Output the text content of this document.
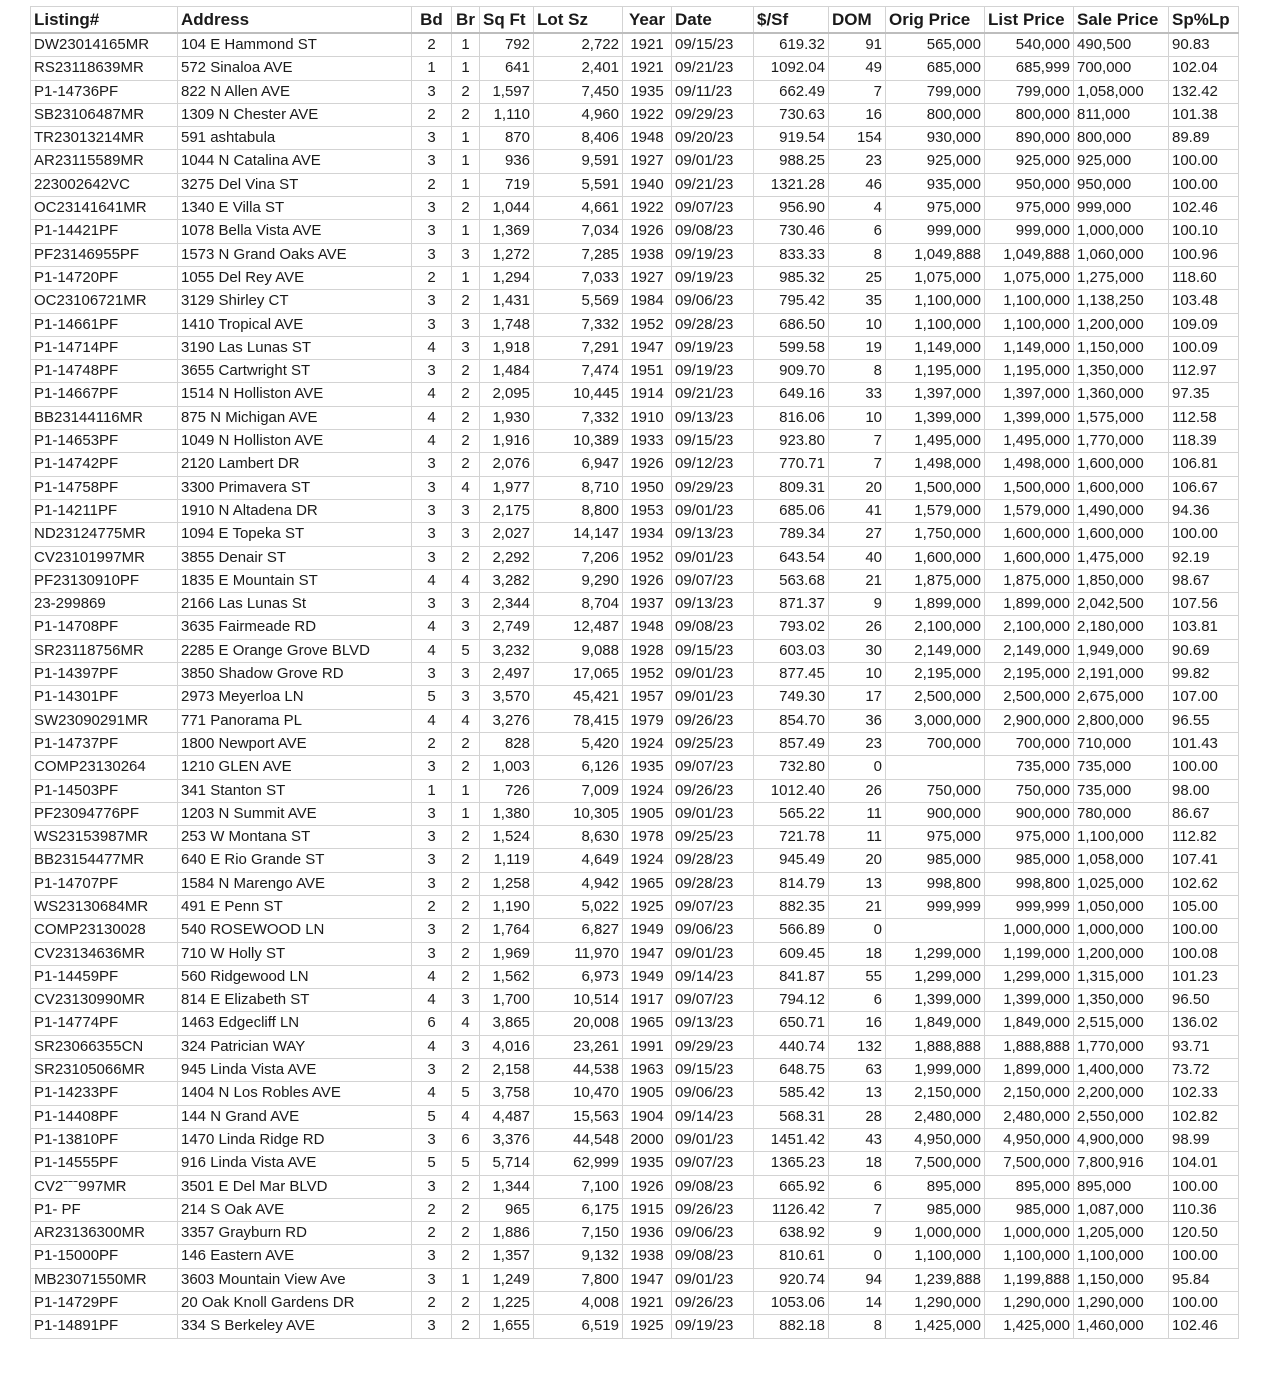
Listing#	Address	Bd	Br	Sq Ft	Lot Sz	Year	Date	$/Sf	DOM	Orig Price	List Price	Sale Price	Sp%Lp
DW23014165MR	104 E Hammond ST	2	1	792	2,722	1921	09/15/23	619.32	91	565,000	540,000	490,500	90.83
RS23118639MR	572 Sinaloa AVE	1	1	641	2,401	1921	09/21/23	1092.04	49	685,000	685,999	700,000	102.04
P1-14736PF	822 N Allen AVE	3	2	1,597	7,450	1935	09/11/23	662.49	7	799,000	799,000	1,058,000	132.42
SB23106487MR	1309 N Chester AVE	2	2	1,110	4,960	1922	09/29/23	730.63	16	800,000	800,000	811,000	101.38
TR23013214MR	591 ashtabula	3	1	870	8,406	1948	09/20/23	919.54	154	930,000	890,000	800,000	89.89
AR23115589MR	1044 N Catalina AVE	3	1	936	9,591	1927	09/01/23	988.25	23	925,000	925,000	925,000	100.00
223002642VC	3275 Del Vina ST	2	1	719	5,591	1940	09/21/23	1321.28	46	935,000	950,000	950,000	100.00
OC23141641MR	1340 E Villa ST	3	2	1,044	4,661	1922	09/07/23	956.90	4	975,000	975,000	999,000	102.46
P1-14421PF	1078 Bella Vista AVE	3	1	1,369	7,034	1926	09/08/23	730.46	6	999,000	999,000	1,000,000	100.10
PF23146955PF	1573 N Grand Oaks AVE	3	3	1,272	7,285	1938	09/19/23	833.33	8	1,049,888	1,049,888	1,060,000	100.96
P1-14720PF	1055 Del Rey AVE	2	1	1,294	7,033	1927	09/19/23	985.32	25	1,075,000	1,075,000	1,275,000	118.60
OC23106721MR	3129 Shirley CT	3	2	1,431	5,569	1984	09/06/23	795.42	35	1,100,000	1,100,000	1,138,250	103.48
P1-14661PF	1410 Tropical AVE	3	3	1,748	7,332	1952	09/28/23	686.50	10	1,100,000	1,100,000	1,200,000	109.09
P1-14714PF	3190 Las Lunas ST	4	3	1,918	7,291	1947	09/19/23	599.58	19	1,149,000	1,149,000	1,150,000	100.09
P1-14748PF	3655 Cartwright ST	3	2	1,484	7,474	1951	09/19/23	909.70	8	1,195,000	1,195,000	1,350,000	112.97
P1-14667PF	1514 N Holliston AVE	4	2	2,095	10,445	1914	09/21/23	649.16	33	1,397,000	1,397,000	1,360,000	97.35
BB23144116MR	875 N Michigan AVE	4	2	1,930	7,332	1910	09/13/23	816.06	10	1,399,000	1,399,000	1,575,000	112.58
P1-14653PF	1049 N Holliston AVE	4	2	1,916	10,389	1933	09/15/23	923.80	7	1,495,000	1,495,000	1,770,000	118.39
P1-14742PF	2120 Lambert DR	3	2	2,076	6,947	1926	09/12/23	770.71	7	1,498,000	1,498,000	1,600,000	106.81
P1-14758PF	3300 Primavera ST	3	4	1,977	8,710	1950	09/29/23	809.31	20	1,500,000	1,500,000	1,600,000	106.67
P1-14211PF	1910 N Altadena DR	3	3	2,175	8,800	1953	09/01/23	685.06	41	1,579,000	1,579,000	1,490,000	94.36
ND23124775MR	1094 E Topeka ST	3	3	2,027	14,147	1934	09/13/23	789.34	27	1,750,000	1,600,000	1,600,000	100.00
CV23101997MR	3855 Denair ST	3	2	2,292	7,206	1952	09/01/23	643.54	40	1,600,000	1,600,000	1,475,000	92.19
PF23130910PF	1835 E Mountain ST	4	4	3,282	9,290	1926	09/07/23	563.68	21	1,875,000	1,875,000	1,850,000	98.67
23-299869	2166 Las Lunas St	3	3	2,344	8,704	1937	09/13/23	871.37	9	1,899,000	1,899,000	2,042,500	107.56
P1-14708PF	3635 Fairmeade RD	4	3	2,749	12,487	1948	09/08/23	793.02	26	2,100,000	2,100,000	2,180,000	103.81
SR23118756MR	2285 E Orange Grove BLVD	4	5	3,232	9,088	1928	09/15/23	603.03	30	2,149,000	2,149,000	1,949,000	90.69
P1-14397PF	3850 Shadow Grove RD	3	3	2,497	17,065	1952	09/01/23	877.45	10	2,195,000	2,195,000	2,191,000	99.82
P1-14301PF	2973 Meyerloa LN	5	3	3,570	45,421	1957	09/01/23	749.30	17	2,500,000	2,500,000	2,675,000	107.00
SW23090291MR	771 Panorama PL	4	4	3,276	78,415	1979	09/26/23	854.70	36	3,000,000	2,900,000	2,800,000	96.55
P1-14737PF	1800 Newport AVE	2	2	828	5,420	1924	09/25/23	857.49	23	700,000	700,000	710,000	101.43
COMP23130264	1210 GLEN AVE	3	2	1,003	6,126	1935	09/07/23	732.80	0		735,000	735,000	100.00
P1-14503PF	341 Stanton ST	1	1	726	7,009	1924	09/26/23	1012.40	26	750,000	750,000	735,000	98.00
PF23094776PF	1203 N Summit AVE	3	1	1,380	10,305	1905	09/01/23	565.22	11	900,000	900,000	780,000	86.67
WS23153987MR	253 W Montana ST	3	2	1,524	8,630	1978	09/25/23	721.78	11	975,000	975,000	1,100,000	112.82
BB23154477MR	640 E Rio Grande ST	3	2	1,119	4,649	1924	09/28/23	945.49	20	985,000	985,000	1,058,000	107.41
P1-14707PF	1584 N Marengo AVE	3	2	1,258	4,942	1965	09/28/23	814.79	13	998,800	998,800	1,025,000	102.62
WS23130684MR	491 E Penn ST	2	2	1,190	5,022	1925	09/07/23	882.35	21	999,999	999,999	1,050,000	105.00
COMP23130028	540 ROSEWOOD LN	3	2	1,764	6,827	1949	09/06/23	566.89	0		1,000,000	1,000,000	100.00
CV23134636MR	710 W Holly ST	3	2	1,969	11,970	1947	09/01/23	609.45	18	1,299,000	1,199,000	1,200,000	100.08
P1-14459PF	560 Ridgewood LN	4	2	1,562	6,973	1949	09/14/23	841.87	55	1,299,000	1,299,000	1,315,000	101.23
CV23130990MR	814 E Elizabeth ST	4	3	1,700	10,514	1917	09/07/23	794.12	6	1,399,000	1,399,000	1,350,000	96.50
P1-14774PF	1463 Edgecliff LN	6	4	3,865	20,008	1965	09/13/23	650.71	16	1,849,000	1,849,000	2,515,000	136.02
SR23066355CN	324 Patrician WAY	4	3	4,016	23,261	1991	09/29/23	440.74	132	1,888,888	1,888,888	1,770,000	93.71
SR23105066MR	945 Linda Vista AVE	3	2	2,158	44,538	1963	09/15/23	648.75	63	1,999,000	1,899,000	1,400,000	73.72
P1-14233PF	1404 N Los Robles AVE	4	5	3,758	10,470	1905	09/06/23	585.42	13	2,150,000	2,150,000	2,200,000	102.33
P1-14408PF	144 N Grand AVE	5	4	4,487	15,563	1904	09/14/23	568.31	28	2,480,000	2,480,000	2,550,000	102.82
P1-13810PF	1470 Linda Ridge RD	3	6	3,376	44,548	2000	09/01/23	1451.42	43	4,950,000	4,950,000	4,900,000	98.99
P1-14555PF	916 Linda Vista AVE	5	5	5,714	62,999	1935	09/07/23	1365.23	18	7,500,000	7,500,000	7,800,916	104.01
CV2ˉˉˉ997MR	3501 E Del Mar BLVD	3	2	1,344	7,100	1926	09/08/23	665.92	6	895,000	895,000	895,000	100.00
P1- PF	214 S Oak AVE	2	2	965	6,175	1915	09/26/23	1126.42	7	985,000	985,000	1,087,000	110.36
AR23136300MR	3357 Grayburn RD	2	2	1,886	7,150	1936	09/06/23	638.92	9	1,000,000	1,000,000	1,205,000	120.50
P1-15000PF	146 Eastern AVE	3	2	1,357	9,132	1938	09/08/23	810.61	0	1,100,000	1,100,000	1,100,000	100.00
MB23071550MR	3603 Mountain View Ave	3	1	1,249	7,800	1947	09/01/23	920.74	94	1,239,888	1,199,888	1,150,000	95.84
P1-14729PF	20 Oak Knoll Gardens DR	2	2	1,225	4,008	1921	09/26/23	1053.06	14	1,290,000	1,290,000	1,290,000	100.00
P1-14891PF	334 S Berkeley AVE	3	2	1,655	6,519	1925	09/19/23	882.18	8	1,425,000	1,425,000	1,460,000	102.46
